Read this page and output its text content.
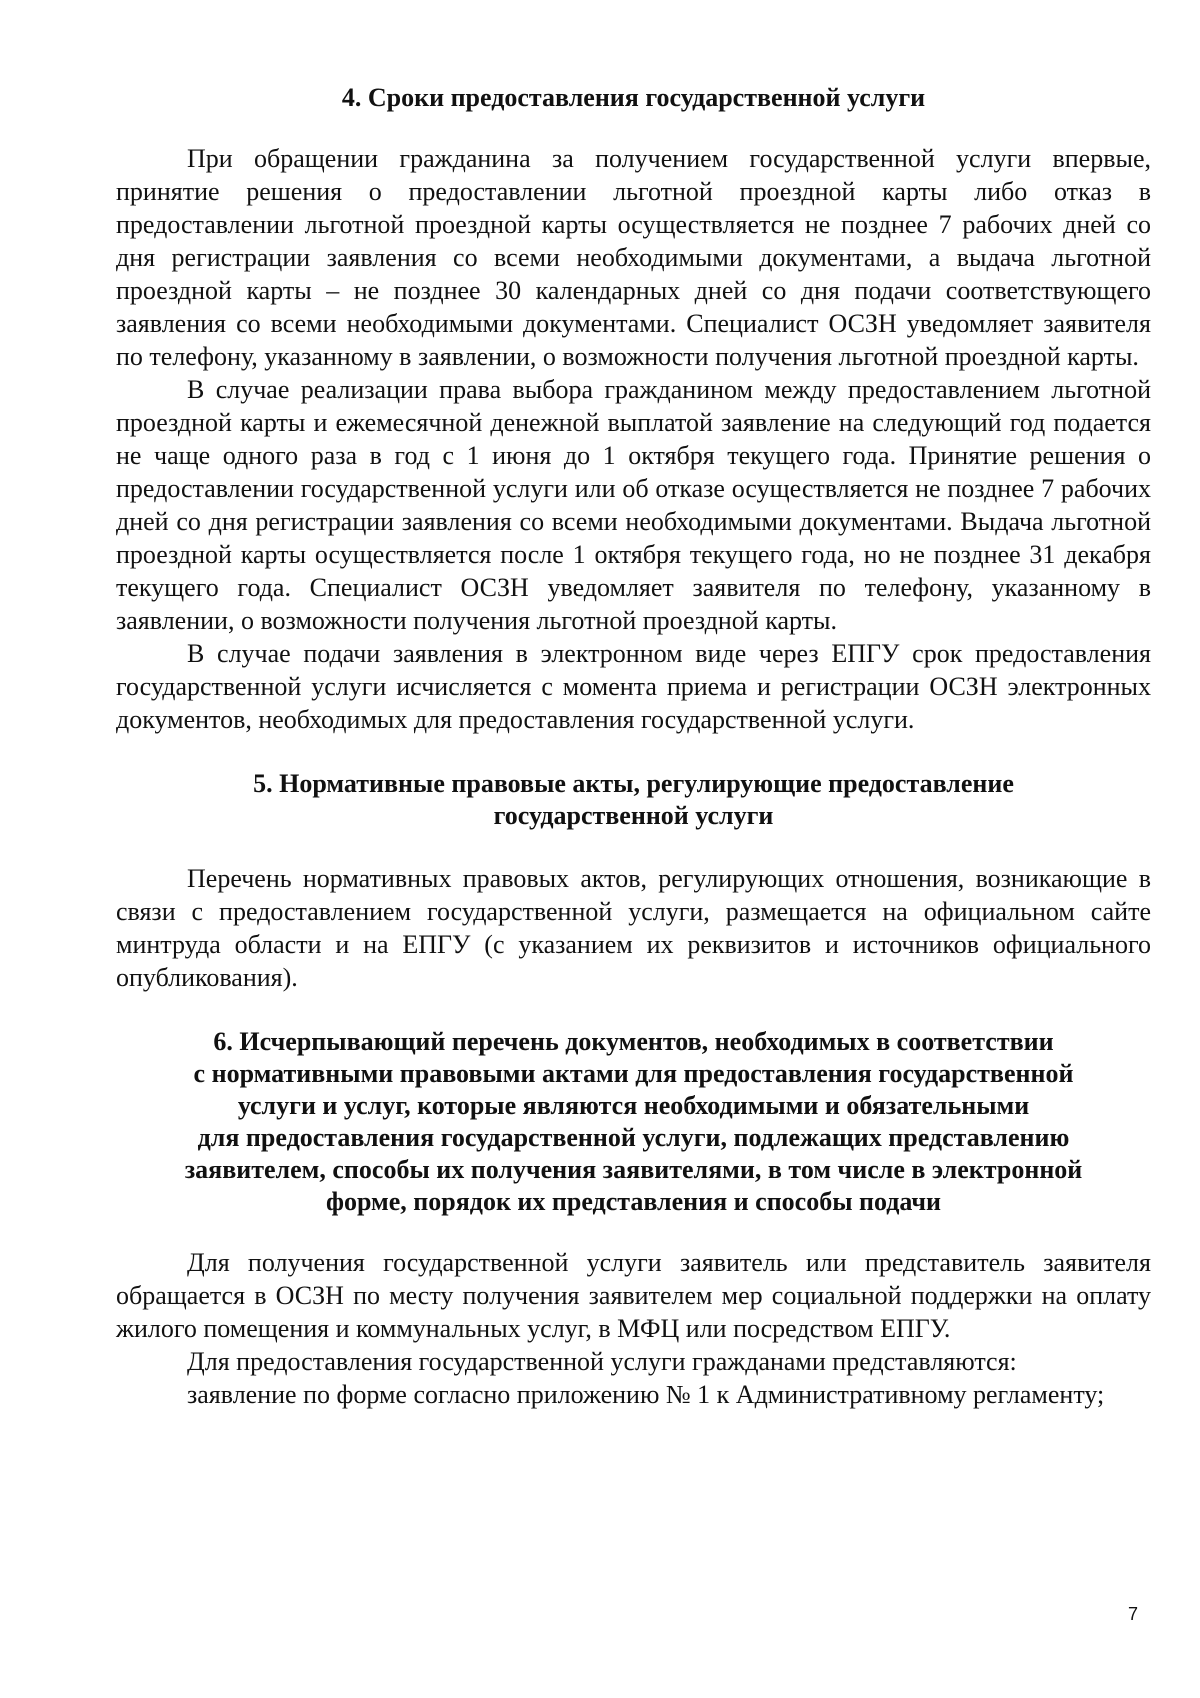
4. Сроки предоставления государственной услуги

При обращении гражданина за получением государственной услуги впервые, принятие решения о предоставлении льготной проездной карты либо отказ в предоставлении льготной проездной карты осуществляется не позднее 7 рабочих дней со дня регистрации заявления со всеми необходимыми документами, а выдача льготной проездной карты – не позднее 30 календарных дней со дня подачи соответствующего заявления со всеми необходимыми документами. Специалист ОСЗН уведомляет заявителя по телефону, указанному в заявлении, о возможности получения льготной проездной карты.

В случае реализации права выбора гражданином между предоставлением льготной проездной карты и ежемесячной денежной выплатой заявление на следующий год подается не чаще одного раза в год с 1 июня до 1 октября текущего года. Принятие решения о предоставлении государственной услуги или об отказе осуществляется не позднее 7 рабочих дней со дня регистрации заявления со всеми необходимыми документами. Выдача льготной проездной карты осуществляется после 1 октября текущего года, но не позднее 31 декабря текущего года. Специалист ОСЗН уведомляет заявителя по телефону, указанному в заявлении, о возможности получения льготной проездной карты.

В случае подачи заявления в электронном виде через ЕПГУ срок предоставления государственной услуги исчисляется с момента приема и регистрации ОСЗН электронных документов, необходимых для предоставления государственной услуги.

5. Нормативные правовые акты, регулирующие предоставление
государственной услуги

Перечень нормативных правовых актов, регулирующих отношения, возникающие в связи с предоставлением государственной услуги, размещается на официальном сайте минтруда области и на ЕПГУ (с указанием их реквизитов и источников официального опубликования).

6. Исчерпывающий перечень документов, необходимых в соответствии
с нормативными правовыми актами для предоставления государственной
услуги и услуг, которые являются необходимыми и обязательными
для предоставления государственной услуги, подлежащих представлению
заявителем, способы их получения заявителями, в том числе в электронной
форме, порядок их представления и способы подачи

Для получения государственной услуги заявитель или представитель заявителя обращается в ОСЗН по месту получения заявителем мер социальной поддержки на оплату жилого помещения и коммунальных услуг, в МФЦ или посредством ЕПГУ.

Для предоставления государственной услуги гражданами представляются:

заявление по форме согласно приложению № 1 к Административному регламенту;

7
